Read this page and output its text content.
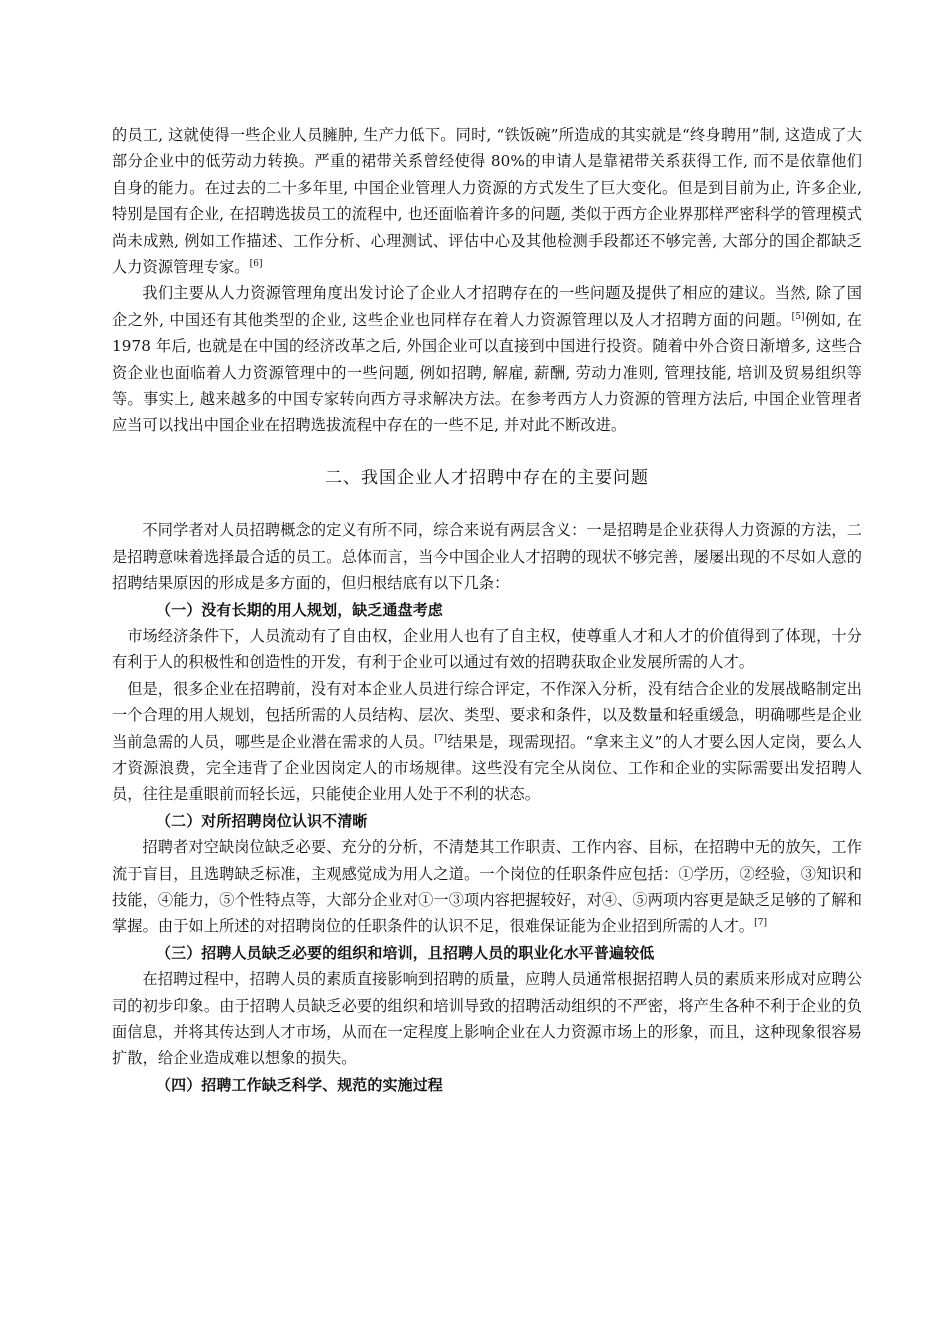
的员工, 这就使得一些企业人员臃肿, 生产力低下。同时, “铁饭碗”所造成的其实就是“终身聘用”制, 这造成了大部分企业中的低劳动力转换。严重的裙带关系曾经使得 80%的申请人是靠裙带关系获得工作, 而不是依靠他们自身的能力。在过去的二十多年里, 中国企业管理人力资源的方式发生了巨大变化。但是到目前为止, 许多企业, 特别是国有企业, 在招聘选拔员工的流程中, 也还面临着许多的问题, 类似于西方企业界那样严密科学的管理模式尚未成熟, 例如工作描述、工作分析、心理测试、评估中心及其他检测手段都还不够完善, 大部分的国企都缺乏人力资源管理专家。[6]

我们主要从人力资源管理角度出发讨论了企业人才招聘存在的一些问题及提供了相应的建议。当然, 除了国企之外, 中国还有其他类型的企业, 这些企业也同样存在着人力资源管理以及人才招聘方面的问题。[5]例如, 在 1978 年后, 也就是在中国的经济改革之后, 外国企业可以直接到中国进行投资。随着中外合资日渐增多, 这些合资企业也面临着人力资源管理中的一些问题, 例如招聘, 解雇, 薪酬, 劳动力准则, 管理技能, 培训及贸易组织等等。事实上, 越来越多的中国专家转向西方寻求解决方法。在参考西方人力资源的管理方法后, 中国企业管理者应当可以找出中国企业在招聘选拔流程中存在的一些不足, 并对此不断改进。

二、我国企业人才招聘中存在的主要问题

不同学者对人员招聘概念的定义有所不同，综合来说有两层含义：一是招聘是企业获得人力资源的方法，二是招聘意味着选择最合适的员工。总体而言，当今中国企业人才招聘的现状不够完善，屡屡出现的不尽如人意的招聘结果原因的形成是多方面的，但归根结底有以下几条：

（一）没有长期的用人规划，缺乏通盘考虑

市场经济条件下，人员流动有了自由权，企业用人也有了自主权，使尊重人才和人才的价值得到了体现，十分有利于人的积极性和创造性的开发，有利于企业可以通过有效的招聘获取企业发展所需的人才。

但是，很多企业在招聘前，没有对本企业人员进行综合评定，不作深入分析，没有结合企业的发展战略制定出一个合理的用人规划，包括所需的人员结构、层次、类型、要求和条件，以及数量和轻重缓急，明确哪些是企业当前急需的人员，哪些是企业潜在需求的人员。[7]结果是，现需现招。“拿来主义”的人才要么因人定岗，要么人才资源浪费，完全违背了企业因岗定人的市场规律。这些没有完全从岗位、工作和企业的实际需要出发招聘人员，往往是重眼前而轻长远，只能使企业用人处于不利的状态。

（二）对所招聘岗位认识不清晰

招聘者对空缺岗位缺乏必要、充分的分析，不清楚其工作职责、工作内容、目标，在招聘中无的放矢，工作流于盲目，且选聘缺乏标准，主观感觉成为用人之道。一个岗位的任职条件应包括：①学历，②经验，③知识和技能，④能力，⑤个性特点等，大部分企业对①一③项内容把握较好，对④、⑤两项内容更是缺乏足够的了解和掌握。由于如上所述的对招聘岗位的任职条件的认识不足，很难保证能为企业招到所需的人才。[7]

（三）招聘人员缺乏必要的组织和培训，且招聘人员的职业化水平普遍较低

在招聘过程中，招聘人员的素质直接影响到招聘的质量，应聘人员通常根据招聘人员的素质来形成对应聘公司的初步印象。由于招聘人员缺乏必要的组织和培训导致的招聘活动组织的不严密，将产生各种不利于企业的负面信息，并将其传达到人才市场，从而在一定程度上影响企业在人力资源市场上的形象，而且，这种现象很容易扩散，给企业造成难以想象的损失。

（四）招聘工作缺乏科学、规范的实施过程
